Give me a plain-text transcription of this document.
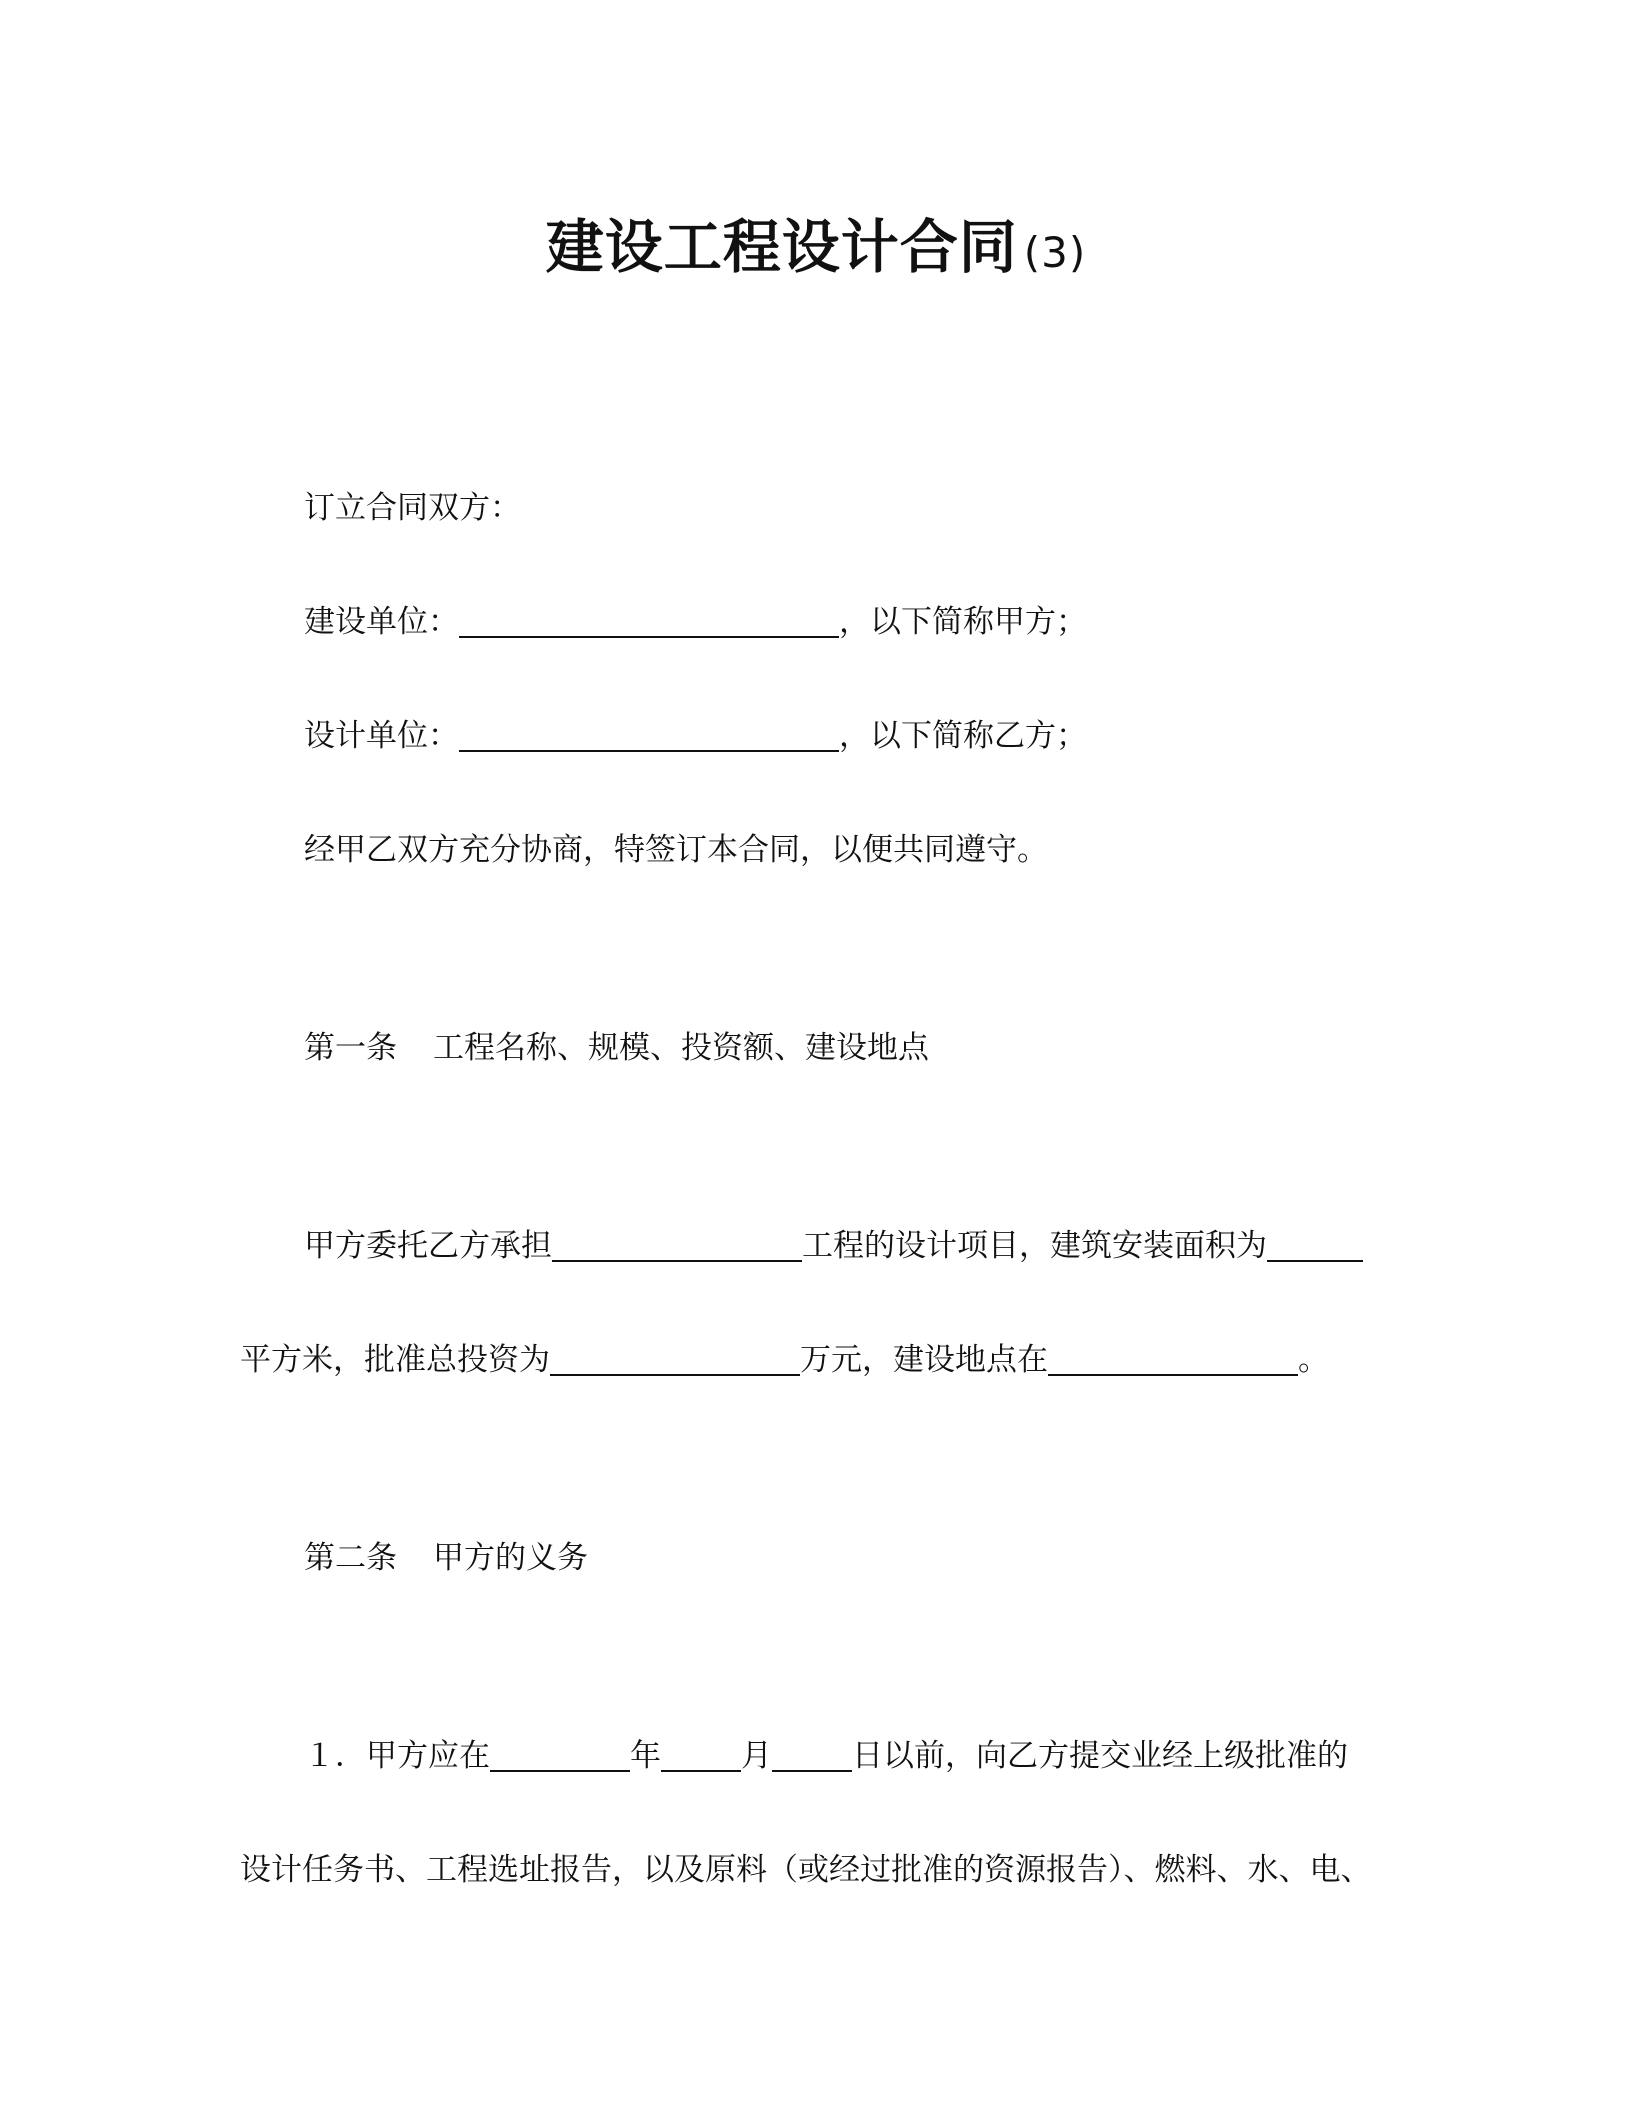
建设工程设计合同 (3)
订立合同双方：
建设单位：	，以下简称甲方；
设计单位：	，以下简称乙方；
经甲乙双方充分协商，特签订本合同，以便共同遵守。
第一条 工程名称、规模、投资额、建设地点
甲方委托乙方承担	工程的设计项目，建筑安装面积为
平方米，批准总投资为	万元，建设地点在	。
第二条 甲方的义务
１．甲方应在	年	月	日以前，向乙方提交业经上级批准的
设计任务书、工程选址报告，以及原料（或经过批准的资源报告）、燃料、水、电、
